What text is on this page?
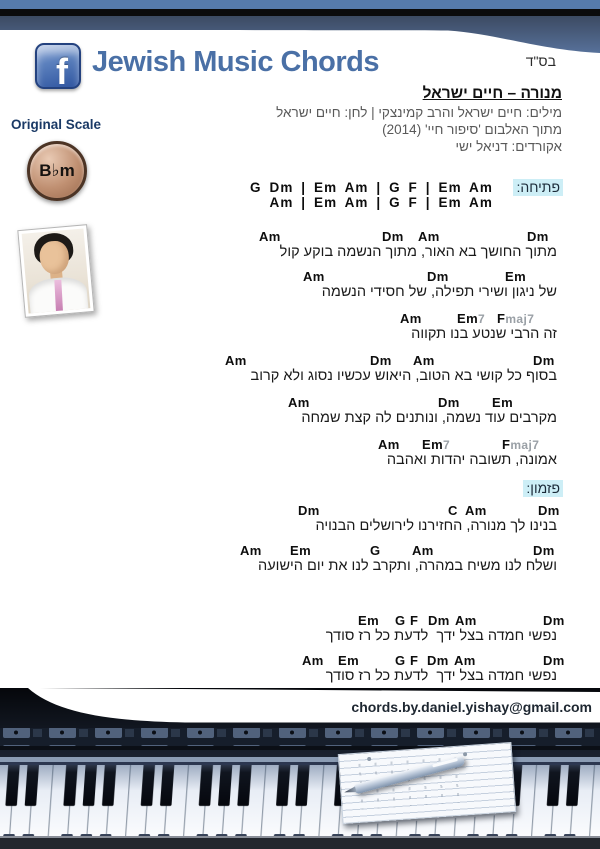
בס"ד
f Jewish Music Chords
Original Scale
B♭m
מנורה – חיים ישראל
מילים: חיים ישראל והרב קמינצקי | לחן: חיים ישראל
מתוך האלבום 'סיפור חיי' (2014)
אקורדים: דניאל ישי
פתיחה:
G Dm | Em Am | G F | Em Am
Am | Em Am | G F | Em Am
פזמון:
Am	Dm Am	Dm
מתוך החושך בא האור, מתוך הנשמה בוקע קול
Am	Dm	Em
של ניגון ושירי תפילה, של חסידי הנשמה
Am	Em7 Fmaj7
זה הרבי שנטע בנו תקווה
Am	Dm Am	Dm
בסוף כל קושי בא הטוב, היאוש עכשיו נסוג ולא קרוב
Am	Dm Em
מקרבים עוד נשמה, ונותנים לה קצת שמחה
Am Em7	Fmaj7
אמונה, תשובה יהדות ואהבה
Dm	C Am	Dm
בנינו לך מנורה, החזירנו לירושלים הבנויה
Am Em	G Am	Dm
ושלח לנו משיח במהרה, ותקרב לנו את יום הישועה
Em G F Dm Am	Dm
נפשי חמדה בצל ידך  לדעת כל רז סודך
Am Em	G F Dm Am	Dm
נפשי חמדה בצל ידך  לדעת כל רז סודך
chords.by.daniel.yishay@gmail.com
